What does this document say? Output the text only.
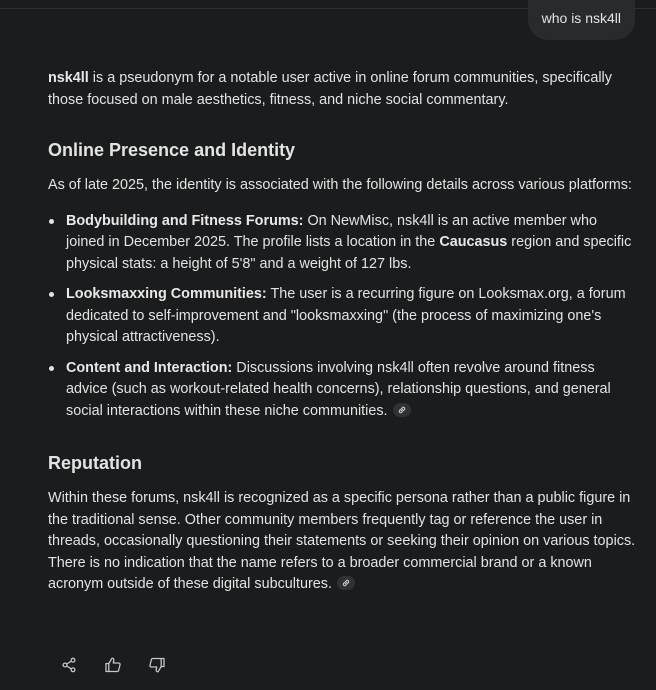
who is nsk4ll

nsk4ll is a pseudonym for a notable user active in online forum communities, specifically those focused on male aesthetics, fitness, and niche social commentary.

Online Presence and Identity

As of late 2025, the identity is associated with the following details across various platforms:

Bodybuilding and Fitness Forums: On NewMisc, nsk4ll is an active member who joined in December 2025. The profile lists a location in the Caucasus region and specific physical stats: a height of 5'8" and a weight of 127 lbs.
Looksmaxxing Communities: The user is a recurring figure on Looksmax.org, a forum dedicated to self-improvement and "looksmaxxing" (the process of maximizing one's physical attractiveness).
Content and Interaction: Discussions involving nsk4ll often revolve around fitness advice (such as workout-related health concerns), relationship questions, and general social interactions within these niche communities.
Reputation

Within these forums, nsk4ll is recognized as a specific persona rather than a public figure in the traditional sense. Other community members frequently tag or reference the user in threads, occasionally questioning their statements or seeking their opinion on various topics. There is no indication that the name refers to a broader commercial brand or a known acronym outside of these digital subcultures.
